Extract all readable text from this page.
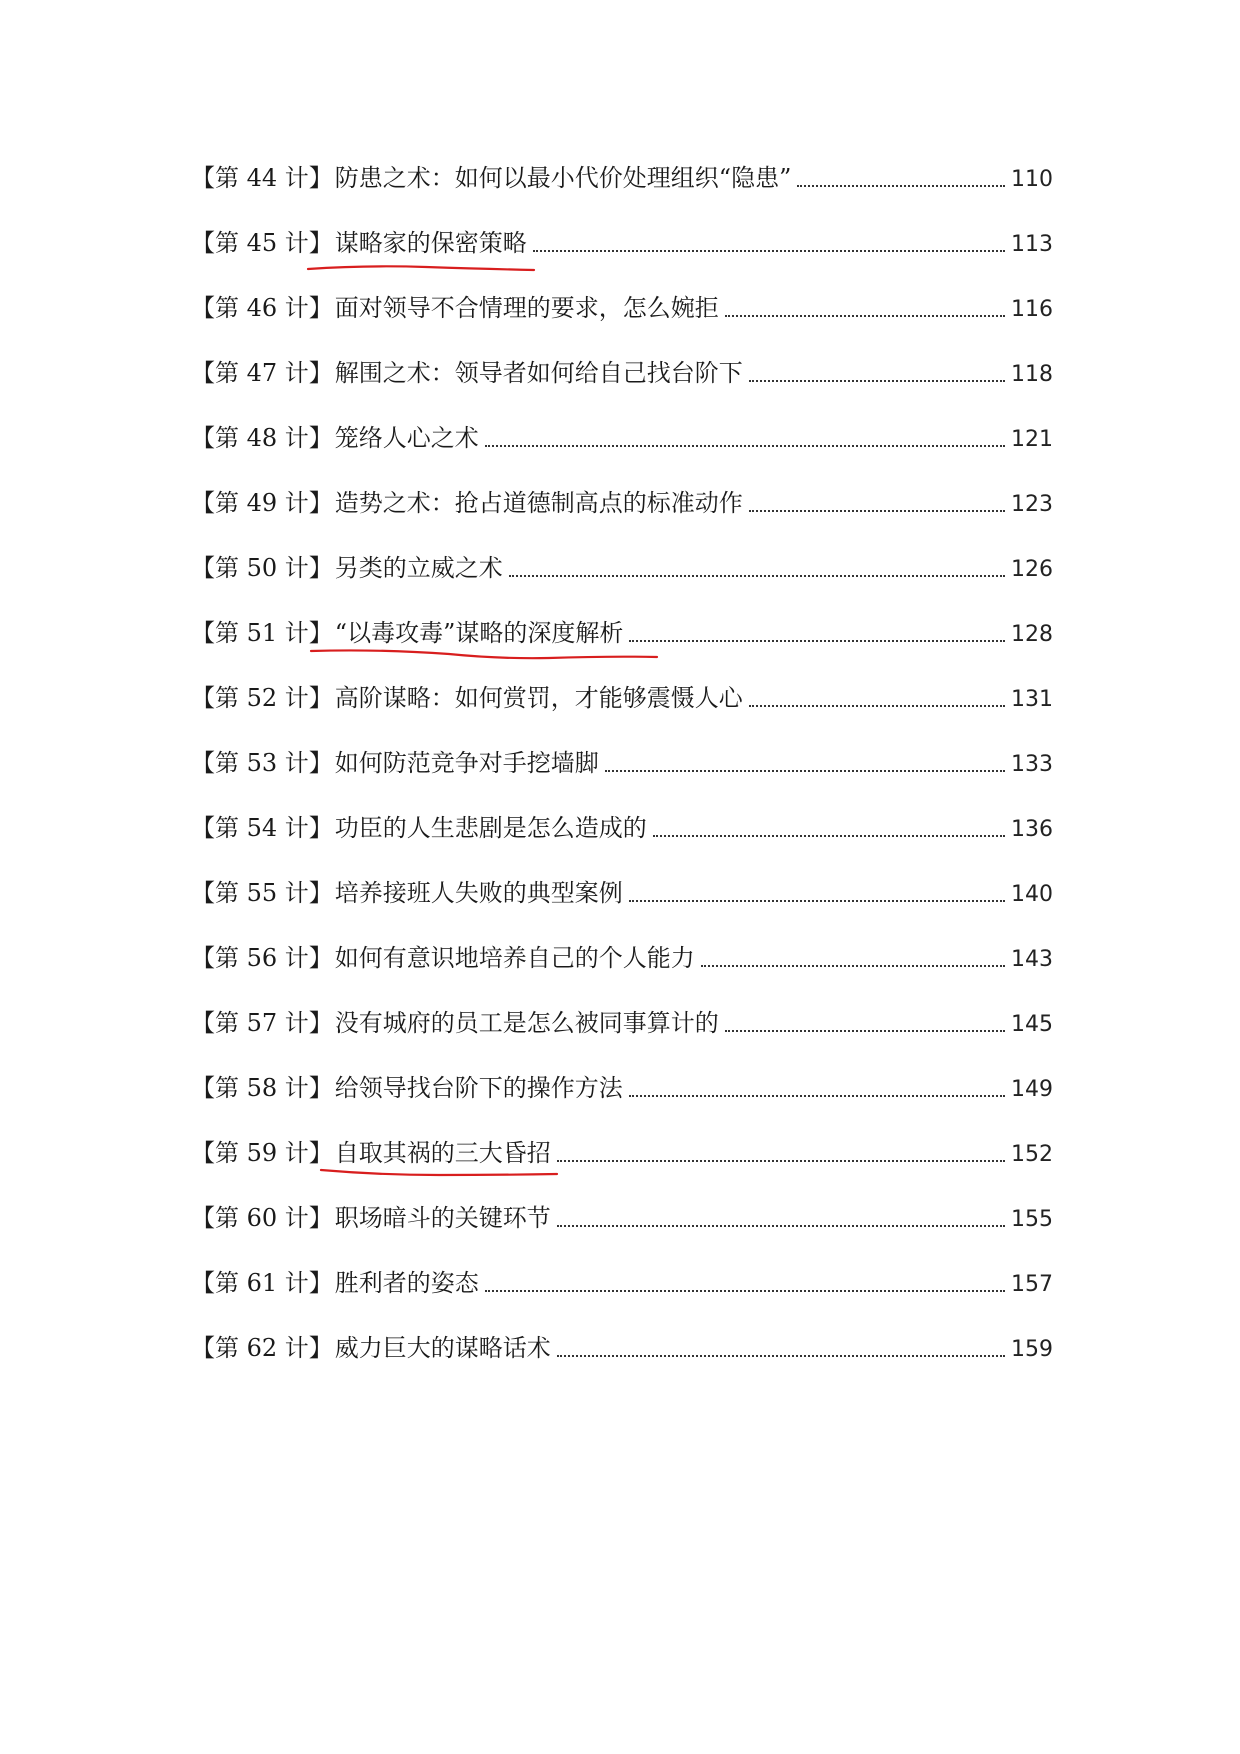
【第 44 计】 防患之术：如何以最小代价处理组织“隐患”	110
【第 45 计】 谋略家的保密策略	113
【第 46 计】 面对领导不合情理的要求，怎么婉拒	116
【第 47 计】 解围之术：领导者如何给自己找台阶下	118
【第 48 计】 笼络人心之术	121
【第 49 计】 造势之术：抢占道德制高点的标准动作	123
【第 50 计】 另类的立威之术	126
【第 51 计】 “以毒攻毒”谋略的深度解析	128
【第 52 计】 高阶谋略：如何赏罚，才能够震慑人心	131
【第 53 计】 如何防范竞争对手挖墙脚	133
【第 54 计】 功臣的人生悲剧是怎么造成的	136
【第 55 计】 培养接班人失败的典型案例	140
【第 56 计】 如何有意识地培养自己的个人能力	143
【第 57 计】 没有城府的员工是怎么被同事算计的	145
【第 58 计】 给领导找台阶下的操作方法	149
【第 59 计】 自取其祸的三大昏招	152
【第 60 计】 职场暗斗的关键环节	155
【第 61 计】 胜利者的姿态	157
【第 62 计】 威力巨大的谋略话术	159
